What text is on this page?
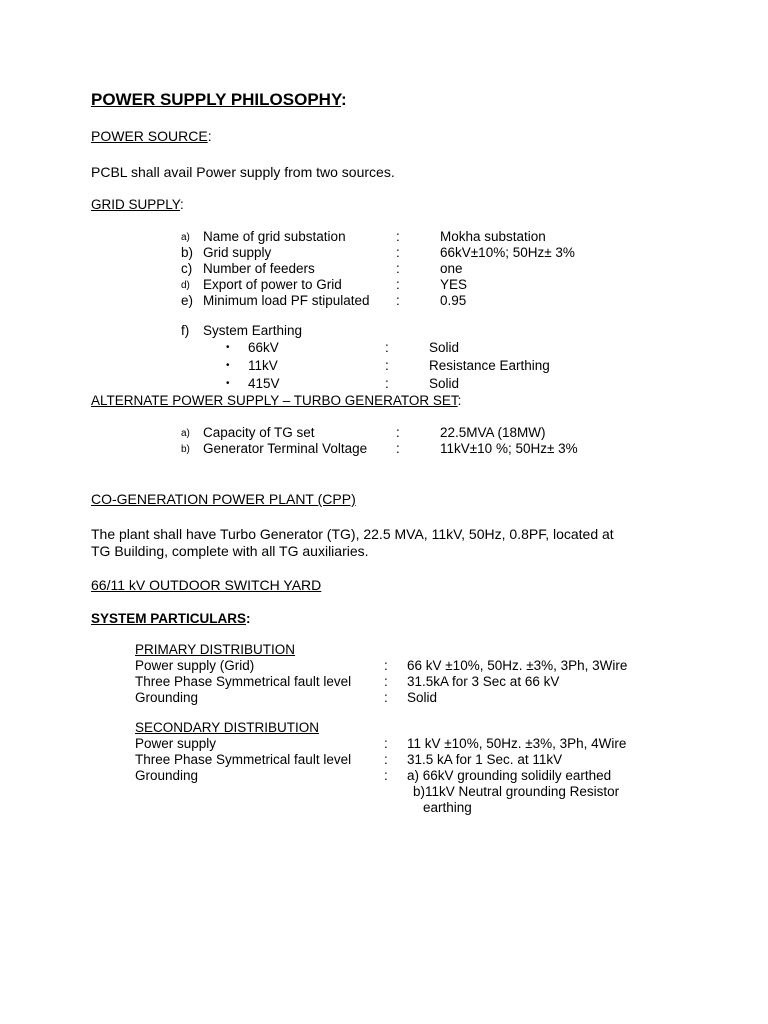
POWER SUPPLY PHILOSOPHY:
POWER SOURCE:
PCBL shall avail Power supply from two sources.
GRID SUPPLY:
a) Name of grid substation	:	Mokha substation
b) Grid supply	:	66kV±10%; 50Hz± 3%
c) Number of feeders	:	one
d) Export of power to Grid	:	YES
e) Minimum load PF stipulated :	0.95
f) System Earthing
• 66kV	:	Solid
• 11kV	:	Resistance Earthing
• 415V	:	Solid
ALTERNATE POWER SUPPLY – TURBO GENERATOR SET:
a) Capacity of TG set	:	22.5MVA (18MW)
b) Generator Terminal Voltage :	11kV±10 %; 50Hz± 3%
CO-GENERATION POWER PLANT (CPP)
The plant shall have Turbo Generator (TG), 22.5 MVA, 11kV, 50Hz, 0.8PF, located at
TG Building, complete with all TG auxiliaries.
66/11 kV OUTDOOR SWITCH YARD
SYSTEM PARTICULARS:
PRIMARY DISTRIBUTION
Power supply (Grid)	: 66 kV ±10%, 50Hz. ±3%, 3Ph, 3Wire
Three Phase Symmetrical fault level : 31.5kA for 3 Sec at 66 kV
Grounding	: Solid
SECONDARY DISTRIBUTION
Power supply	: 11 kV ±10%, 50Hz. ±3%, 3Ph, 4Wire
Three Phase Symmetrical fault level : 31.5 kA for 1 Sec. at 11kV
Grounding	: a) 66kV grounding solidily earthed
b)11kV Neutral grounding Resistor
earthing
